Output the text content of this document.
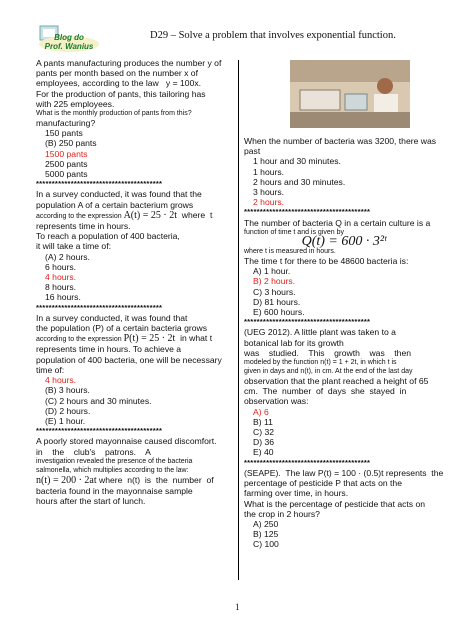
Blog do
Prof. Wanius
D29 – Solve a problem that involves exponential function.

A pants manufacturing produces the number y of

pants per month based on the number x of

employees, according to the law   y = 100x.

For the production of pants, this tailoring has

with 225 employees.

What is the monthly production of pants from this?

manufacturing?

150 pants

(B) 250 pants

1500 pants

2500 pants

5000 pants

****************************************

In a survey conducted, it was found that the

population A of a certain bacterium grows

according to the expression A(t) = 25 · 2t  where  t

represents time in hours.

To reach a population of 400 bacteria,

it will take a time of:

(A) 2 hours.

6 hours.

4 hours.

8 hours.

16 hours.

****************************************

In a survey conducted, it was found that

the population (P) of a certain bacteria grows

according to the expression P(t) = 25 · 2t  in what t

represents time in hours. To achieve a

population of 400 bacteria, one will be necessary

time of:

4 hours.

(B) 3 hours.

(C) 2 hours and 30 minutes.

(D) 2 hours.

(E) 1 hour.

****************************************

A poorly stored mayonnaise caused discomfort.

in    the    club's    patrons.    A

investigation revealed the presence of the bacteria

salmonella, which multiplies according to the law:

n(t) = 200 · 2at where  n(t)  is  the  number  of

bacteria found in the mayonnaise sample

hours after the start of lunch.

When the number of bacteria was 3200, there was

past

1 hour and 30 minutes.

1 hours.

2 hours and 30 minutes.

3 hours.

2 hours.

****************************************

The number of bacteria Q in a certain culture is a

function of time t and is given by

Q(t) = 600 · 3²ᵗ

where t is measured in hours.

The time t for there to be 48600 bacteria is:

A) 1 hour.

B) 2 hours.

C) 3 hours.

D) 81 hours.

E) 600 hours.

****************************************

(UEG 2012). A little plant was taken to a

botanical lab for its growth

was    studied.    This    growth    was    then

modeled by the function n(t) = 1 + 2t, in which t is

given in days and n(t), in cm. At the end of the last day

observation that the plant reached a height of 65

cm.  The  number  of  days  she  stayed  in

observation was:

A) 6

B) 11

C) 32

D) 36

E) 40

****************************************

(SEAPE).  The law P(t) = 100 · (0.5)t represents  the

percentage of pesticide P that acts on the

farming over time, in hours.

What is the percentage of pesticide that acts on

the crop in 2 hours?

A) 250

B) 125

C) 100

1
